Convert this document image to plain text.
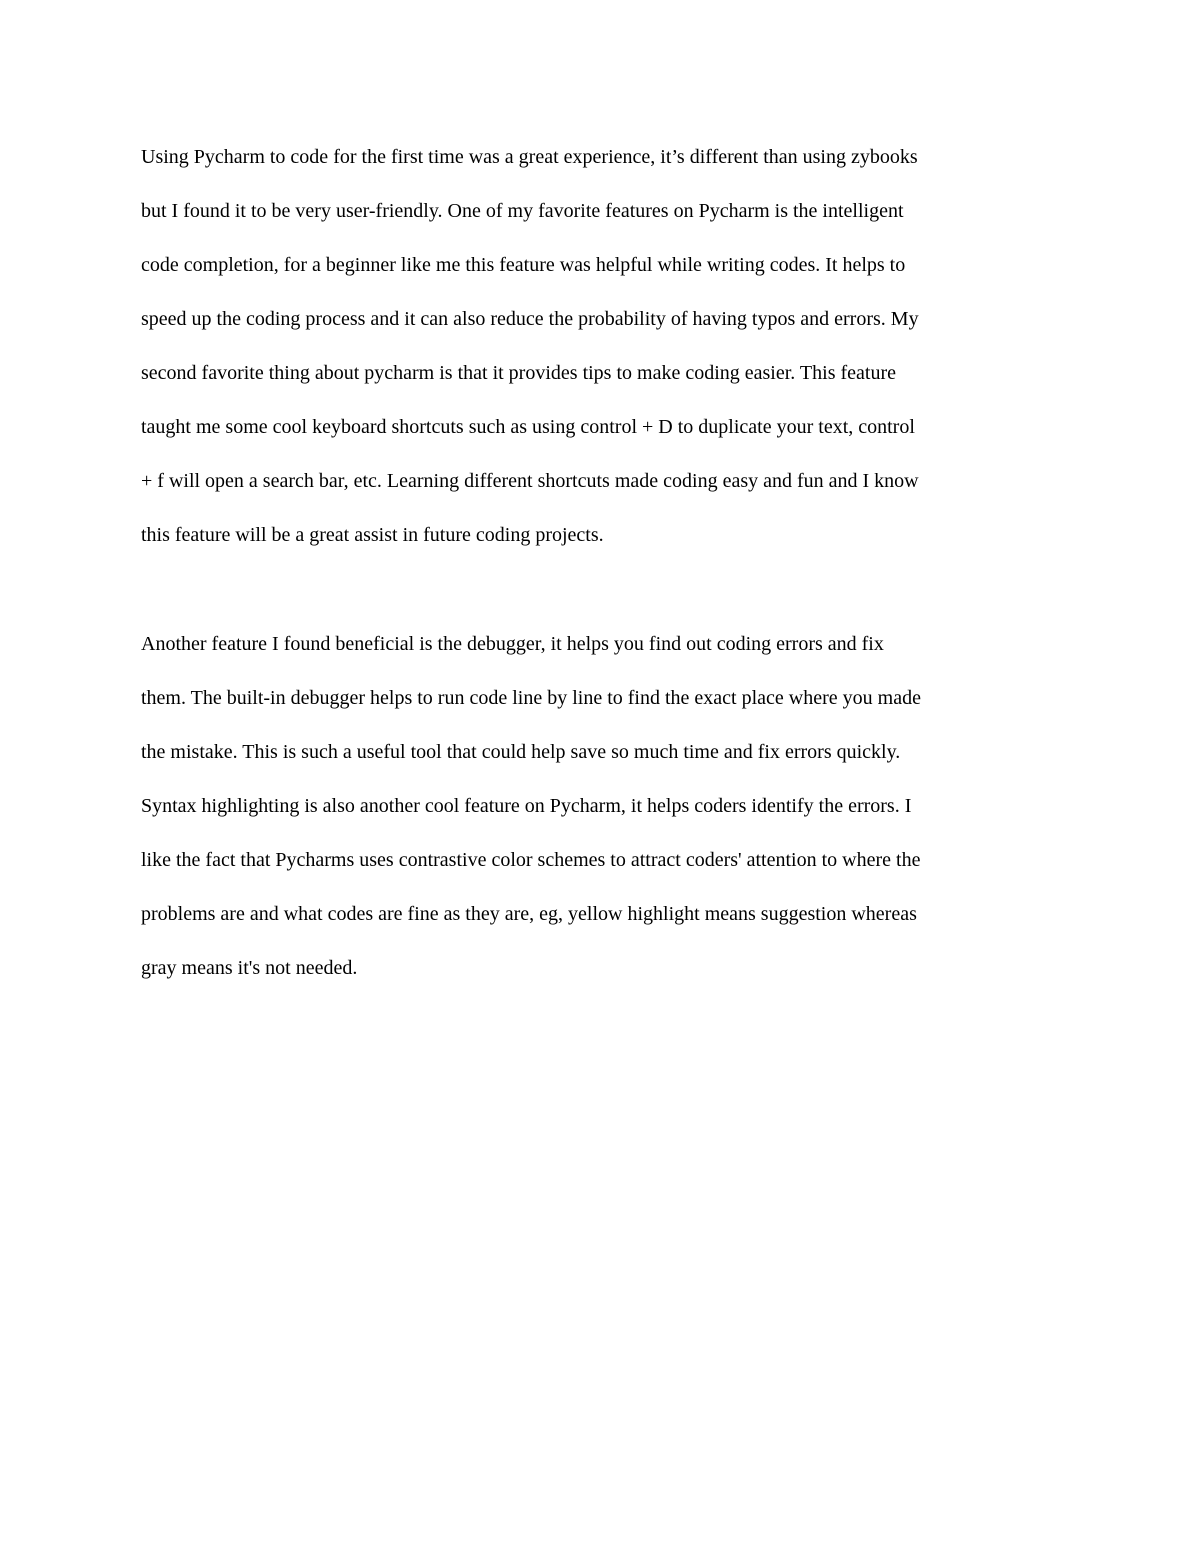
Using Pycharm to code for the first time was a great experience, it’s different than using zybooks
but I found it to be very user-friendly. One of my favorite features on Pycharm is the intelligent
code completion, for a beginner like me this feature was helpful while writing codes. It helps to
speed up the coding process and it can also reduce the probability of having typos and errors. My
second favorite thing about pycharm is that it provides tips to make coding easier. This feature
taught me some cool keyboard shortcuts such as using control + D to duplicate your text, control
+ f will open a search bar, etc. Learning different shortcuts made coding easy and fun and I know
this feature will be a great assist in future coding projects.
Another feature I found beneficial is the debugger, it helps you find out coding errors and fix
them. The built-in debugger helps to run code line by line to find the exact place where you made
the mistake. This is such a useful tool that could help save so much time and fix errors quickly.
Syntax highlighting is also another cool feature on Pycharm, it helps coders identify the errors. I
like the fact that Pycharms uses contrastive color schemes to attract coders' attention to where the
problems are and what codes are fine as they are, eg, yellow highlight means suggestion whereas
gray means it's not needed.
